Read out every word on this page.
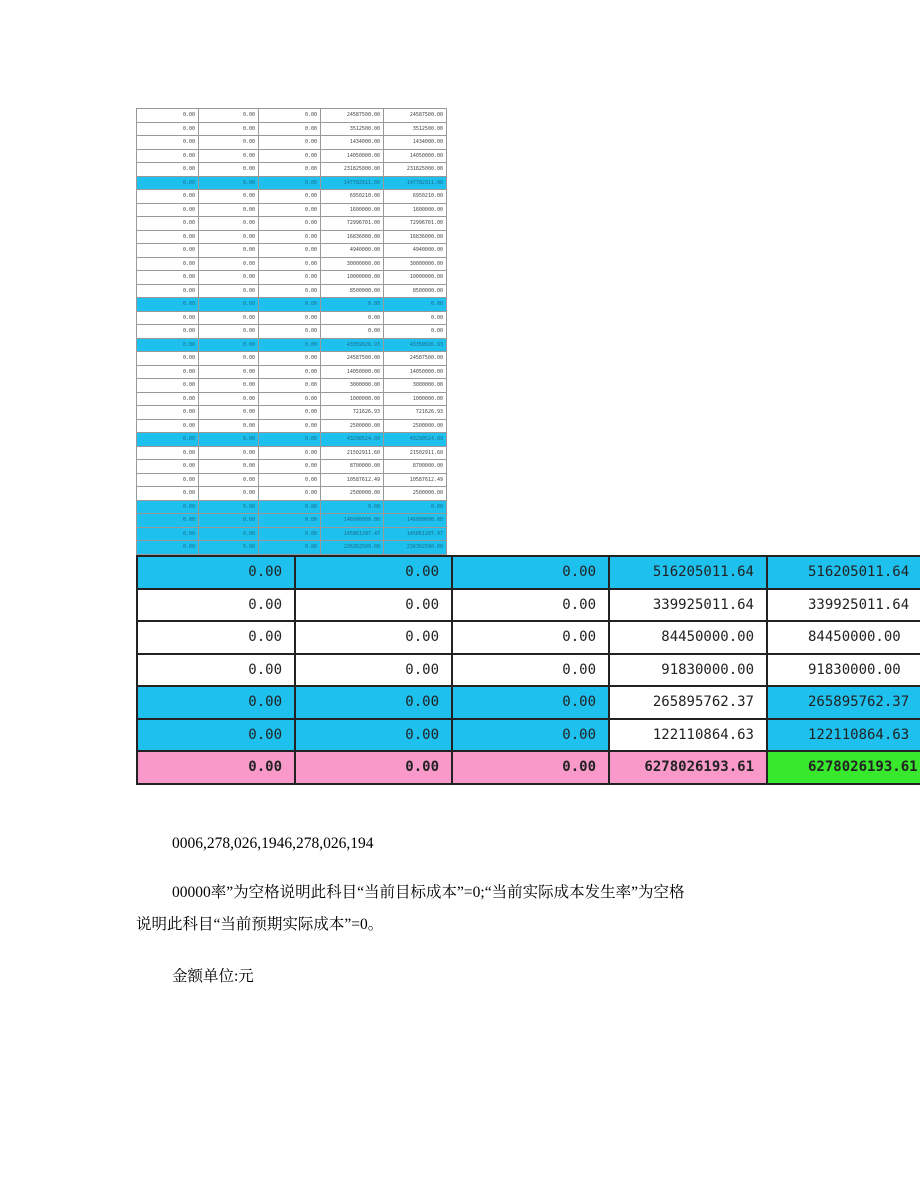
0.00	0.00	0.00	24587500.00	24587500.00
0.00	0.00	0.00	3512500.00	3512500.00
0.00	0.00	0.00	1434000.00	1434000.00
0.00	0.00	0.00	14050000.00	14050000.00
0.00	0.00	0.00	231825000.00	231825000.00
0.00	0.00	0.00	147782911.00	147782911.00
0.00	0.00	0.00	6950210.00	6950210.00
0.00	0.00	0.00	1600000.00	1600000.00
0.00	0.00	0.00	72996701.00	72996701.00
0.00	0.00	0.00	16836000.00	16836000.00
0.00	0.00	0.00	4940000.00	4940000.00
0.00	0.00	0.00	30000000.00	30000000.00
0.00	0.00	0.00	10000000.00	10000000.00
0.00	0.00	0.00	8500000.00	8500000.00
0.00	0.00	0.00	0.00	0.00
0.00	0.00	0.00	0.00	0.00
0.00	0.00	0.00	0.00	0.00
0.00	0.00	0.00	43359026.93	43359026.93
0.00	0.00	0.00	24587500.00	24587500.00
0.00	0.00	0.00	14050000.00	14050000.00
0.00	0.00	0.00	3000000.00	3000000.00
0.00	0.00	0.00	1000000.00	1000000.00
0.00	0.00	0.00	721626.93	721626.93
0.00	0.00	0.00	2500000.00	2500000.00
0.00	0.00	0.00	43290524.09	43290524.09
0.00	0.00	0.00	21502911.60	21502911.60
0.00	0.00	0.00	8700000.00	8700000.00
0.00	0.00	0.00	10587612.49	10587612.49
0.00	0.00	0.00	2500000.00	2500000.00
0.00	0.00	0.00	0.00	0.00
0.00	0.00	0.00	146000000.00	146000000.00
0.00	0.00	0.00	145861287.47	145861287.47
0.00	0.00	0.00	236302500.00	236302500.00
0.00	0.00	0.00	516205011.64	516205011.64
0.00	0.00	0.00	339925011.64	339925011.64
0.00	0.00	0.00	84450000.00	84450000.00
0.00	0.00	0.00	91830000.00	91830000.00
0.00	0.00	0.00	265895762.37	265895762.37
0.00	0.00	0.00	122110864.63	122110864.63
0.00	0.00	0.00	6278026193.61	6278026193.61
0006,278,026,1946,278,026,194
00000率”为空格说明此科目“当前目标成本”=0;“当前实际成本发生率”为空格
说明此科目“当前预期实际成本”=0。
金额单位:元
